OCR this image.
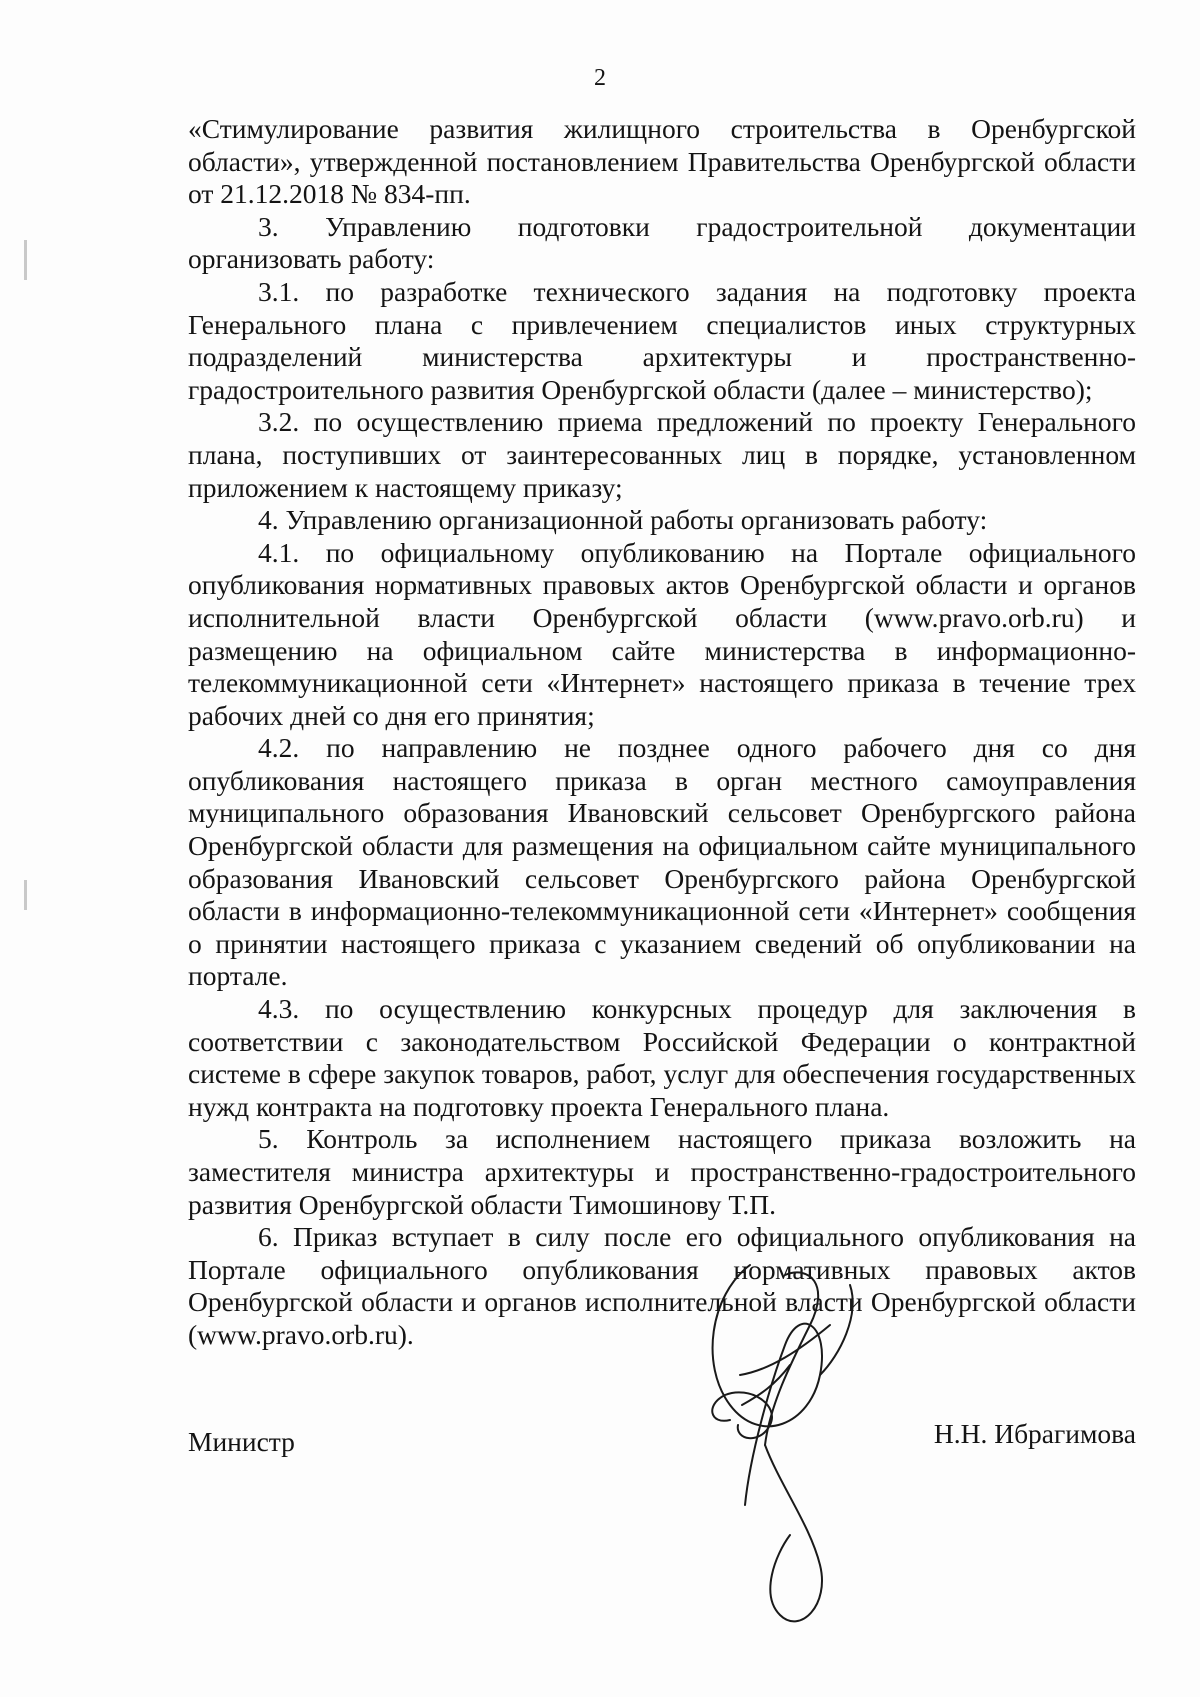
2

«Стимулирование развития жилищного строительства в Оренбургской области», утвержденной постановлением Правительства Оренбургской области от 21.12.2018 № 834-пп.

3. Управлению подготовки градостроительной документации организовать работу:

3.1. по разработке технического задания на подготовку проекта Генерального плана с привлечением специалистов иных структурных подразделений министерства архитектуры и пространственно-градостроительного развития Оренбургской области (далее – министерство);

3.2. по осуществлению приема предложений по проекту Генерального плана, поступивших от заинтересованных лиц в порядке, установленном приложением к настоящему приказу;

4. Управлению организационной работы организовать работу:

4.1. по официальному опубликованию на Портале официального опубликования нормативных правовых актов Оренбургской области и органов исполнительной власти Оренбургской области (www.pravo.orb.ru) и размещению на официальном сайте министерства в информационно-телекоммуникационной сети «Интернет» настоящего приказа в течение трех рабочих дней со дня его принятия;

4.2. по направлению не позднее одного рабочего дня со дня опубликования настоящего приказа в орган местного самоуправления муниципального образования Ивановский сельсовет Оренбургского района Оренбургской области для размещения на официальном сайте муниципального образования Ивановский сельсовет Оренбургского района Оренбургской области в информационно-телекоммуникационной сети «Интернет» сообщения о принятии настоящего приказа с указанием сведений об опубликовании на портале.

4.3. по осуществлению конкурсных процедур для заключения в соответствии с законодательством Российской Федерации о контрактной системе в сфере закупок товаров, работ, услуг для обеспечения государственных нужд контракта на подготовку проекта Генерального плана.

5. Контроль за исполнением настоящего приказа возложить на заместителя министра архитектуры и пространственно-градостроительного развития Оренбургской области Тимошинову Т.П.

6. Приказ вступает в силу после его официального опубликования на Портале официального опубликования нормативных правовых актов Оренбургской области и органов исполнительной власти Оренбургской области (www.pravo.orb.ru).

Министр	Н.Н. Ибрагимова
